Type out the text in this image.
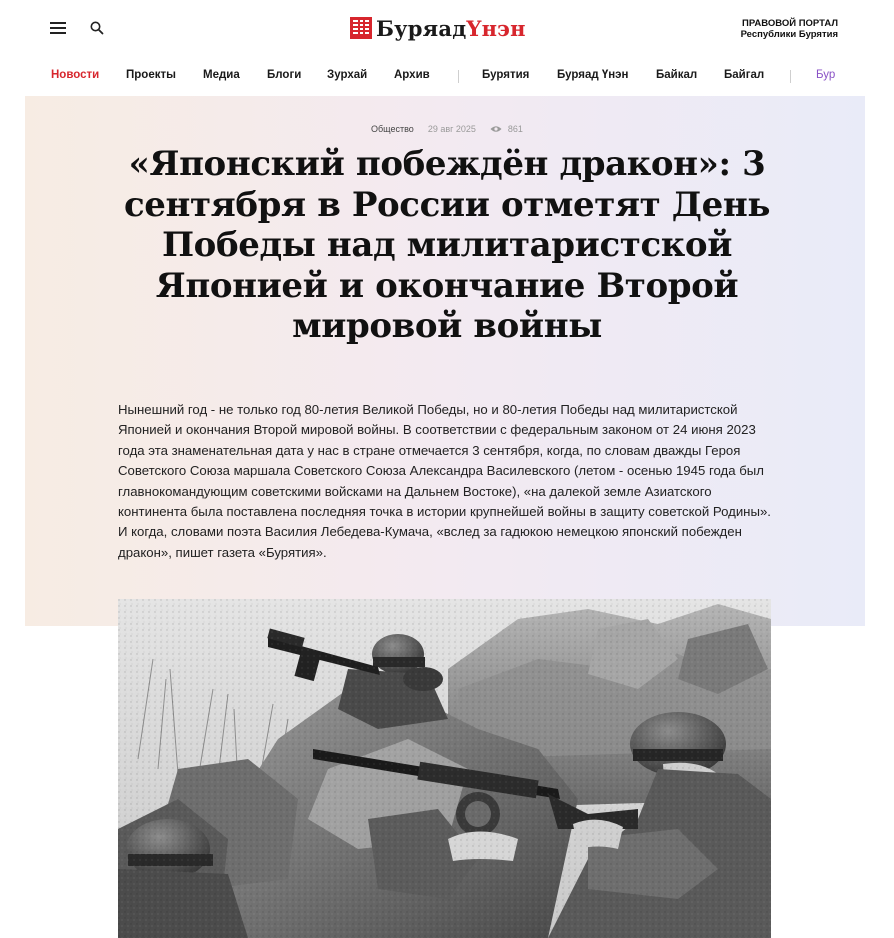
БуряадҮнэн	ПРАВОВОЙ ПОРТАЛ
Республики Бурятия
Новости Проекты Медиа Блоги Зурхай Архив	Бурятия Буряад Үнэн Байкал Байгал	Бур
Общество 29 авг 2025	861
«Японский побеждён дракон»: 3 сентября в России отметят День Победы над милитаристской Японией и окончание Второй мировой войны

Нынешний год - не только год 80-летия Великой Победы, но и 80-летия Победы над милитаристской Японией и окончания Второй мировой войны. В соответствии с федеральным законом от 24 июня 2023 года эта знаменательная дата у нас в стране отмечается 3 сентября, когда, по словам дважды Героя Советского Союза маршала Советского Союза Александра Василевского (летом - осенью 1945 года был главнокомандующим советскими войсками на Дальнем Востоке), «на далекой земле Азиатского континента была поставлена последняя точка в истории крупнейшей войны в защиту советской Родины». И когда, словами поэта Василия Лебедева-Кумача, «вслед за гадюкою немецкою японский побежден дракон», пишет газета «Бурятия».
